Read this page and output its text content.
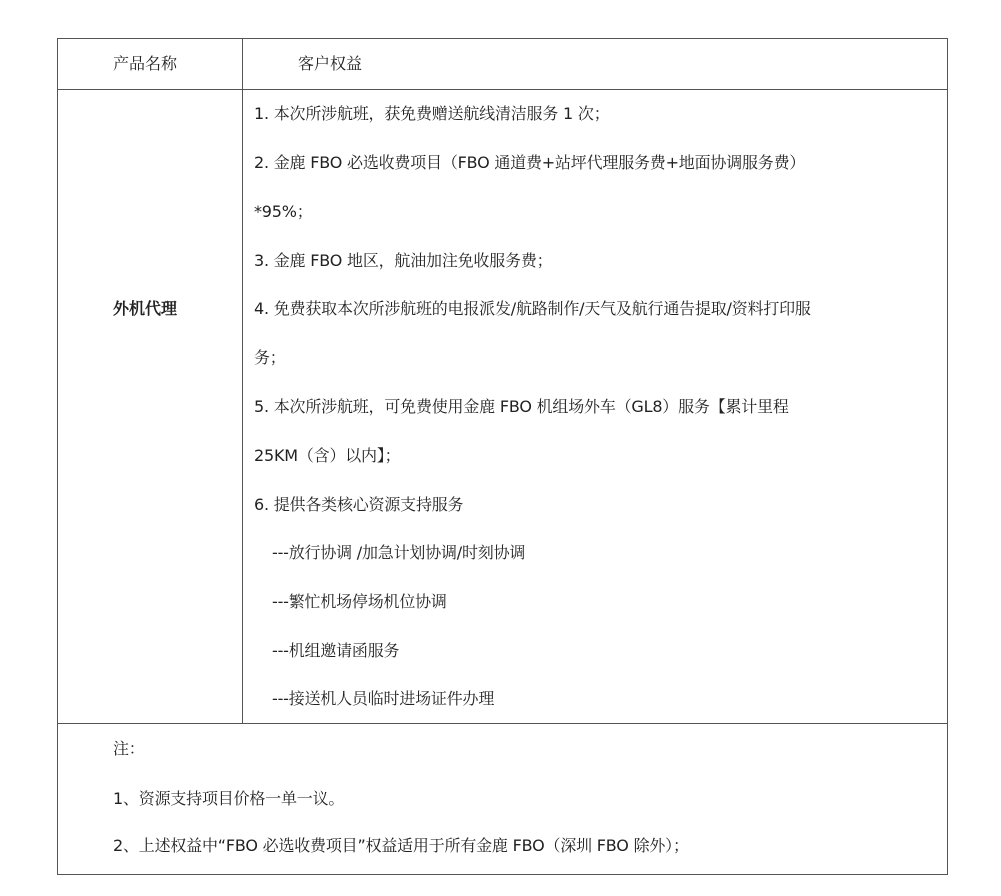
产品名称	客户权益
外机代理
1. 本次所涉航班，获免费赠送航线清洁服务 1 次；
2. 金鹿 FBO 必选收费项目（FBO 通道费+站坪代理服务费+地面协调服务费）
*95%；
3. 金鹿 FBO 地区，航油加注免收服务费；
4. 免费获取本次所涉航班的电报派发/航路制作/天气及航行通告提取/资料打印服
务；
5. 本次所涉航班，可免费使用金鹿 FBO 机组场外车（GL8）服务【累计里程
25KM（含）以内】；
6. 提供各类核心资源支持服务
---放行协调 /加急计划协调/时刻协调
---繁忙机场停场机位协调
---机组邀请函服务
---接送机人员临时进场证件办理
注：
1、资源支持项目价格一单一议。
2、上述权益中“FBO 必选收费项目”权益适用于所有金鹿 FBO（深圳 FBO 除外）；
